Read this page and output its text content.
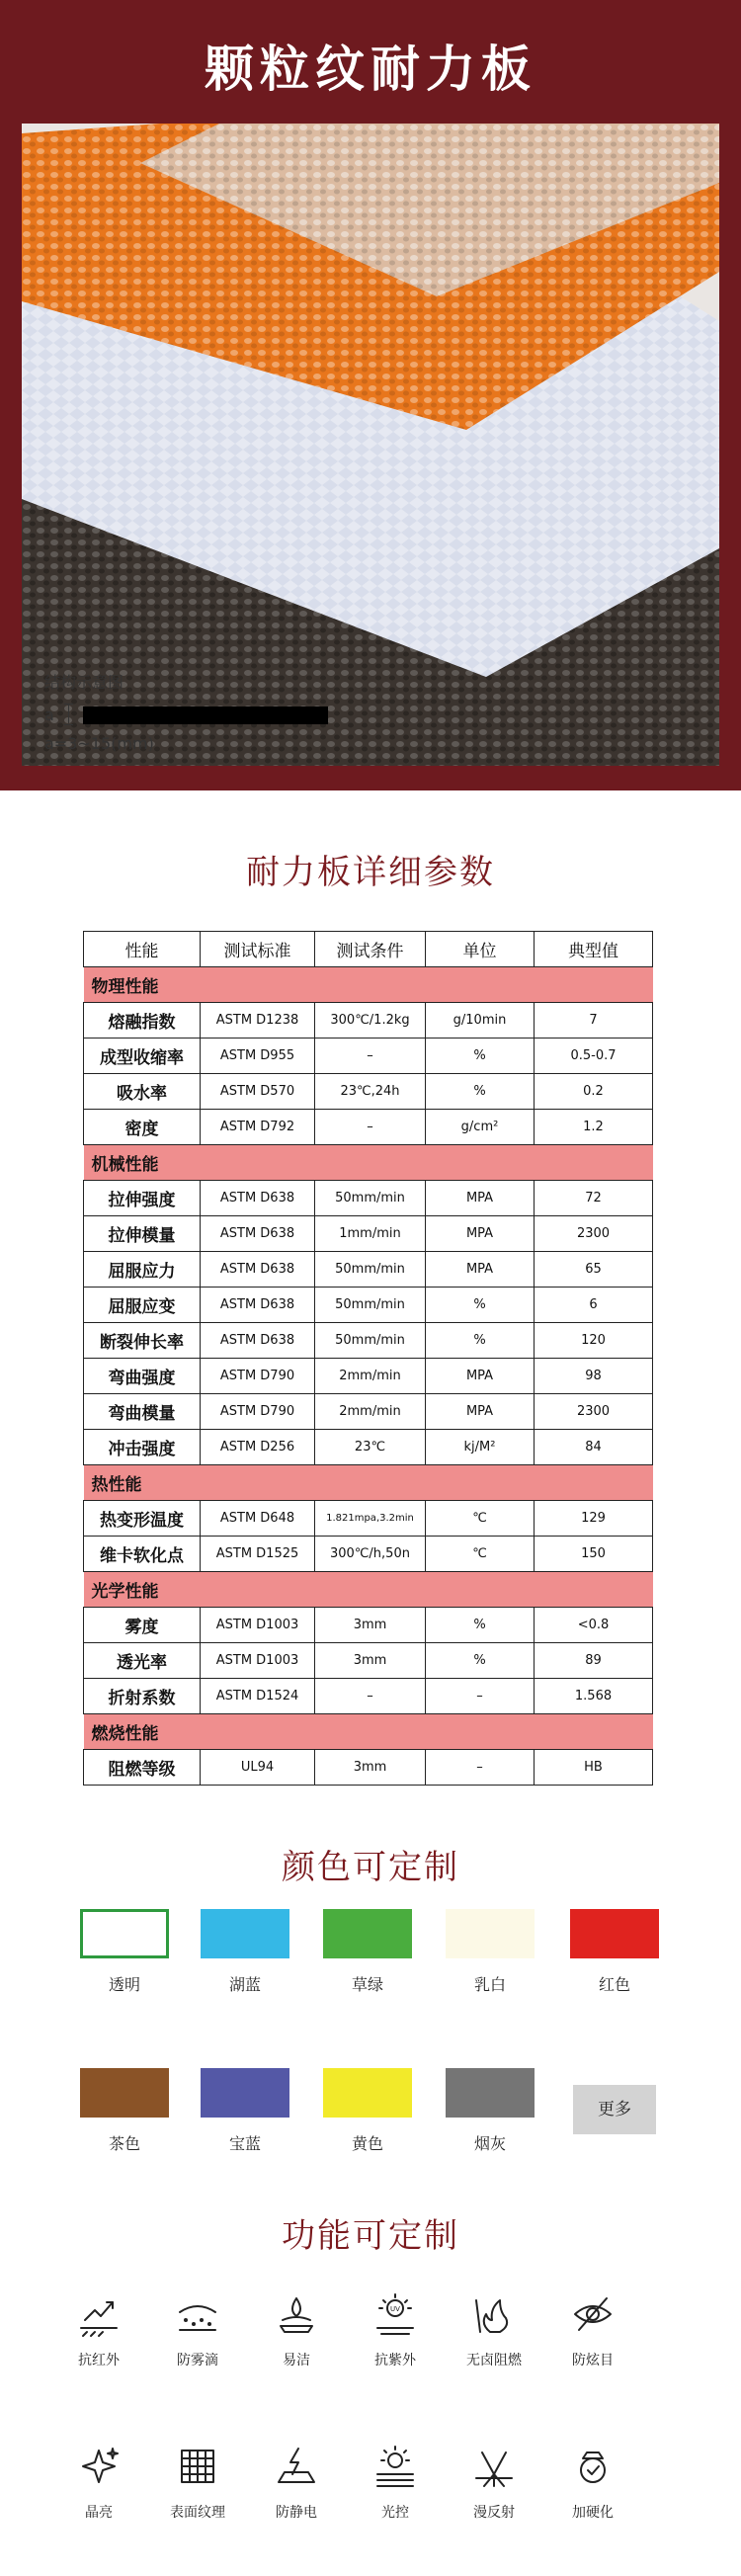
颗粒纹耐力板
结构示意图
a
a=3~15(mm)
耐力板详细参数
性能	测试标准	测试条件	单位	典型值
物理性能				
熔融指数	ASTM D1238	300℃/1.2kg	g/10min	7
成型收缩率	ASTM D955	–	%	0.5-0.7
吸水率	ASTM D570	23℃,24h	%	0.2
密度	ASTM D792	–	g/cm²	1.2
机械性能				
拉伸强度	ASTM D638	50mm/min	MPA	72
拉伸模量	ASTM D638	1mm/min	MPA	2300
屈服应力	ASTM D638	50mm/min	MPA	65
屈服应变	ASTM D638	50mm/min	%	6
断裂伸长率	ASTM D638	50mm/min	%	120
弯曲强度	ASTM D790	2mm/min	MPA	98
弯曲模量	ASTM D790	2mm/min	MPA	2300
冲击强度	ASTM D256	23℃	kj/M²	84
热性能				
热变形温度	ASTM D648	1.821mpa,3.2min	℃	129
维卡软化点	ASTM D1525	300℃/h,50n	℃	150
光学性能				
雾度	ASTM D1003	3mm	%	<0.8
透光率	ASTM D1003	3mm	%	89
折射系数	ASTM D1524	–	–	1.568
燃烧性能				
阻燃等级	UL94	3mm	–	HB
颜色可定制
透明	湖蓝	草绿	乳白	红色
茶色	宝蓝	黄色	烟灰
更多
功能可定制
抗红外	防雾滴	易洁
UV
抗紫外	无卤阻燃	防炫目
晶亮	表面纹理	防静电	光控	漫反射	加硬化
